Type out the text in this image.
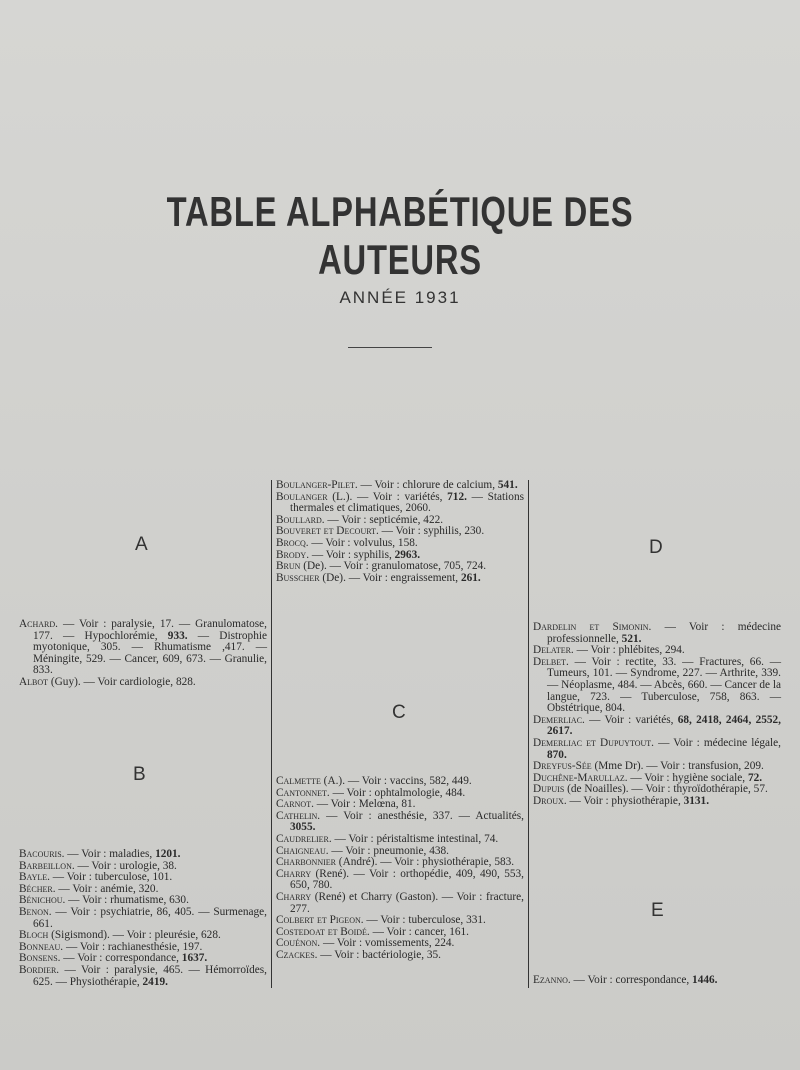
TABLE ALPHABÉTIQUE DES AUTEURS
ANNÉE 1931
A

Achard. — Voir : paralysie, 17. — Granulomatose, 177. — Hypochlorémie, 933. — Distrophie myotonique, 305. — Rhumatisme ,417. — Méningite, 529. — Cancer, 609, 673. — Granulie, 833.

Albot (Guy). — Voir cardiologie, 828.

B

Bacouris. — Voir : maladies, 1201.

Barbeillon. — Voir : urologie, 38.

Bayle. — Voir : tuberculose, 101.

Bécher. — Voir : anémie, 320.

Bénichou. — Voir : rhumatisme, 630.

Benon. — Voir : psychiatrie, 86, 405. — Surmenage, 661.

Bloch (Sigismond). — Voir : pleurésie, 628.

Bonneau. — Voir : rachianesthésie, 197.

Bonsens. — Voir : correspondance, 1637.

Bordier. — Voir : paralysie, 465. — Hémorroïdes, 625. — Physiothérapie, 2419.

Boulanger-Pilet. — Voir : chlorure de calcium, 541.

Boulanger (L.). — Voir : variétés, 712. — Stations thermales et climatiques, 2060.

Boullard. — Voir : septicémie, 422.

Bouveret et Decourt. — Voir : syphilis, 230.

Brocq. — Voir : volvulus, 158.

Brody. — Voir : syphilis, 2963.

Brun (De). — Voir : granulomatose, 705, 724.

Busscher (De). — Voir : engraissement, 261.

C

Calmette (A.). — Voir : vaccins, 582, 449.

Cantonnet. — Voir : ophtalmologie, 484.

Carnot. — Voir : Melœna, 81.

Cathelin. — Voir : anesthésie, 337. — Actualités, 3055.

Caudrelier. — Voir : péristaltisme intestinal, 74.

Chaigneau. — Voir : pneumonie, 438.

Charbonnier (André). — Voir : physiothérapie, 583.

Charry (René). — Voir : orthopédie, 409, 490, 553, 650, 780.

Charry (René) et Charry (Gaston). — Voir : fracture, 277.

Colbert et Pigeon. — Voir : tuberculose, 331.

Costedoat et Boidé. — Voir : cancer, 161.

Couénon. — Voir : vomissements, 224.

Czackes. — Voir : bactériologie, 35.

D

Dardelin et Simonin. — Voir : médecine professionnelle, 521.

Delater. — Voir : phlébites, 294.

Delbet. — Voir : rectite, 33. — Fractures, 66. — Tumeurs, 101. — Syndrome, 227. — Arthrite, 339. — Néoplasme, 484. — Abcès, 660. — Cancer de la langue, 723. — Tuberculose, 758, 863. — Obstétrique, 804.

Demerliac. — Voir : variétés, 68, 2418, 2464, 2552, 2617.

Demerliac et Dupuytout. — Voir : médecine légale, 870.

Dreyfus-Sée (Mme Dr). — Voir : transfusion, 209.

Duchêne-Marullaz. — Voir : hygiène sociale, 72.

Dupuis (de Noailles). — Voir : thyroïdothérapie, 57.

Droux. — Voir : physiothérapie, 3131.

E

Ezanno. — Voir : correspondance, 1446.
